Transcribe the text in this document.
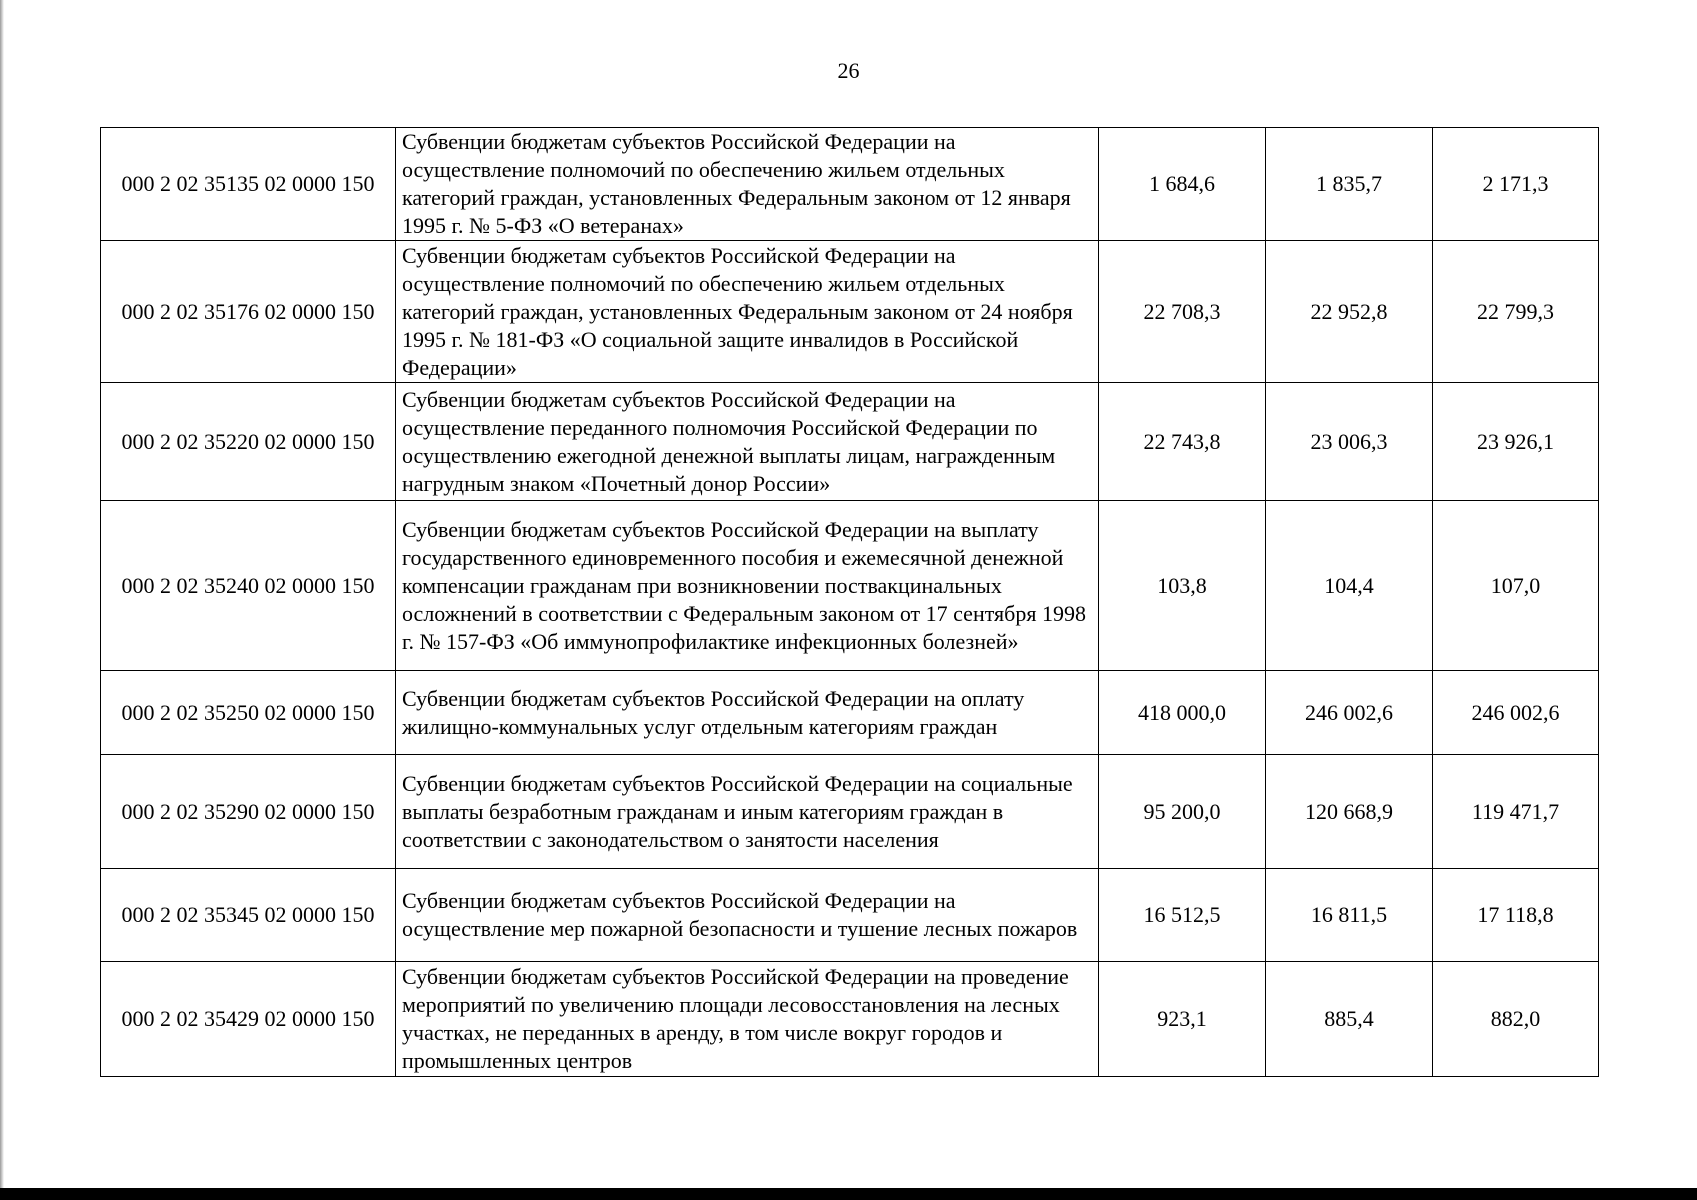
26
000 2 02 35135 02 0000 150	Субвенции бюджетам субъектов Российской Федерации на осуществление полномочий по обеспечению жильем отдельных категорий граждан, установленных Федеральным законом от 12 января 1995 г. № 5-ФЗ «О ветеранах»	1 684,6	1 835,7	2 171,3
000 2 02 35176 02 0000 150	Субвенции бюджетам субъектов Российской Федерации на осуществление полномочий по обеспечению жильем отдельных категорий граждан, установленных Федеральным законом от 24 ноября 1995 г. № 181-ФЗ «О социальной защите инвалидов в Российской Федерации»	22 708,3	22 952,8	22 799,3
000 2 02 35220 02 0000 150	Субвенции бюджетам субъектов Российской Федерации на осуществление переданного полномочия Российской Федерации по осуществлению ежегодной денежной выплаты лицам, награжденным нагрудным знаком «Почетный донор России»	22 743,8	23 006,3	23 926,1
000 2 02 35240 02 0000 150	Субвенции бюджетам субъектов Российской Федерации на выплату государственного единовременного пособия и ежемесячной денежной компенсации гражданам при возникновении поствакцинальных осложнений в соответствии с Федеральным законом от 17 сентября 1998 г. № 157-ФЗ «Об иммунопрофилактике инфекционных болезней»	103,8	104,4	107,0
000 2 02 35250 02 0000 150	Субвенции бюджетам субъектов Российской Федерации на оплату жилищно-коммунальных услуг отдельным категориям граждан	418 000,0	246 002,6	246 002,6
000 2 02 35290 02 0000 150	Субвенции бюджетам субъектов Российской Федерации на социальные выплаты безработным гражданам и иным категориям граждан в соответствии с законодательством о занятости населения	95 200,0	120 668,9	119 471,7
000 2 02 35345 02 0000 150	Субвенции бюджетам субъектов Российской Федерации на осуществление мер пожарной безопасности и тушение лесных пожаров	16 512,5	16 811,5	17 118,8
000 2 02 35429 02 0000 150	Субвенции бюджетам субъектов Российской Федерации на проведение мероприятий по увеличению площади лесовосстановления на лесных участках, не переданных в аренду, в том числе вокруг городов и промышленных центров	923,1	885,4	882,0
